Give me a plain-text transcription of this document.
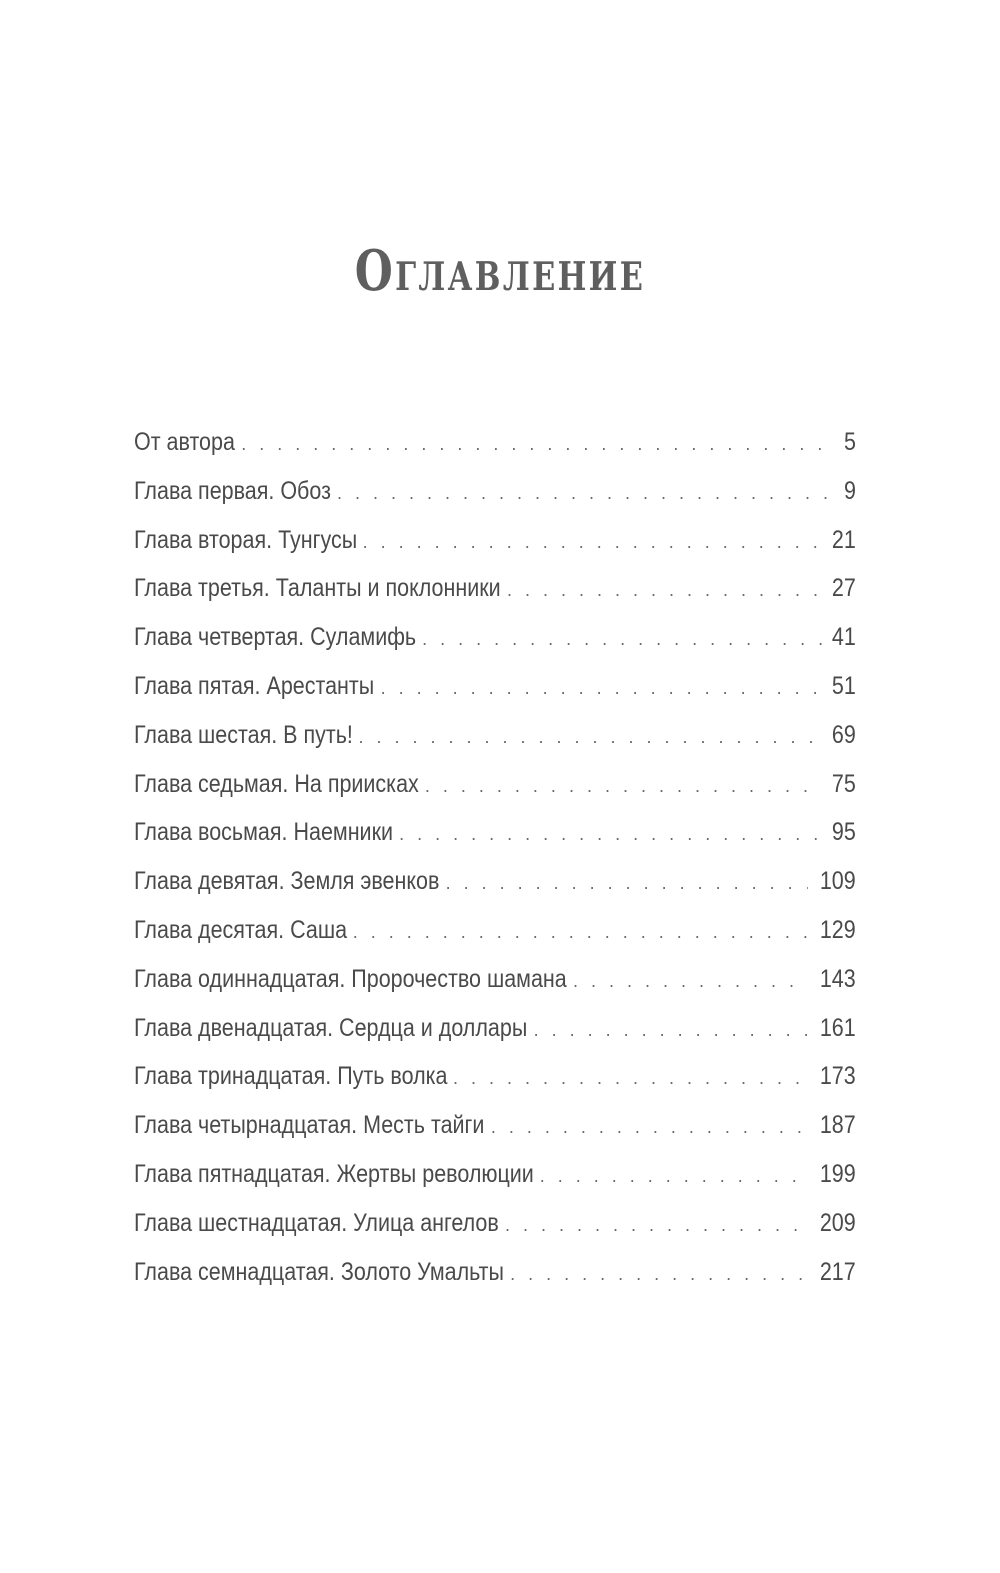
Оглавление
От автора . . .	5
Глава первая. Обоз . . .	9
Глава вторая. Тунгусы . . .	21
Глава третья. Таланты и поклонники . . .	27
Глава четвертая. Суламифь . . .	41
Глава пятая. Арестанты . . .	51
Глава шестая. В путь! . . .	69
Глава седьмая. На приисках . . .	75
Глава восьмая. Наемники . . .	95
Глава девятая. Земля эвенков . . .	109
Глава десятая. Саша . . .	129
Глава одиннадцатая. Пророчество шамана . . .	143
Глава двенадцатая. Сердца и доллары . . .	161
Глава тринадцатая. Путь волка . . .	173
Глава четырнадцатая. Месть тайги . . .	187
Глава пятнадцатая. Жертвы революции . . .	199
Глава шестнадцатая. Улица ангелов . . .	209
Глава семнадцатая. Золото Умальты . . .	217
